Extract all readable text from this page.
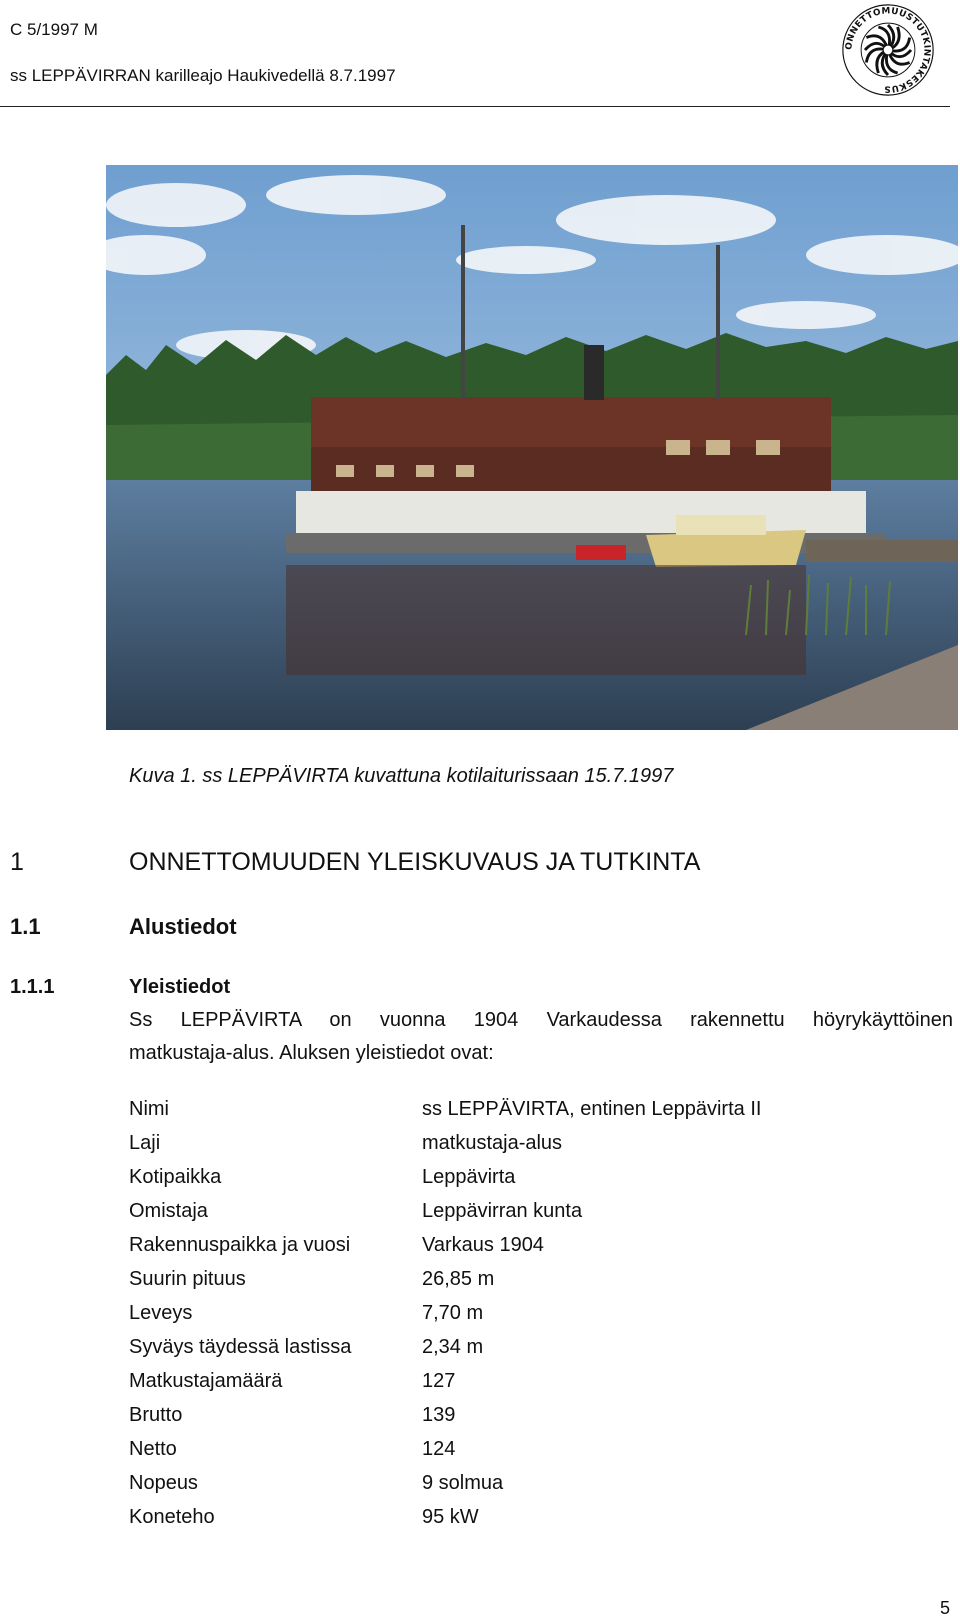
C 5/1997 M
ss LEPPÄVIRRAN karilleajo Haukivedellä 8.7.1997
ONNETTOMUUSTUTKINTAKESKUS
Kuva 1. ss LEPPÄVIRTA kuvattuna kotilaiturissaan 15.7.1997
1	ONNETTOMUUDEN YLEISKUVAUS JA TUTKINTA
1.1	Alustiedot
1.1.1	Yleistiedot
Ss LEPPÄVIRTA on vuonna 1904 Varkaudessa rakennettu höyrykäyttöinen
matkustaja-alus. Aluksen yleistiedot ovat:
Nimi	ss LEPPÄVIRTA, entinen Leppävirta II
Laji	matkustaja-alus
Kotipaikka	Leppävirta
Omistaja	Leppävirran kunta
Rakennuspaikka ja vuosi	Varkaus 1904
Suurin pituus	26,85 m
Leveys	7,70 m
Syväys täydessä lastissa	2,34 m
Matkustajamäärä	127
Brutto	139
Netto	124
Nopeus	9 solmua
Koneteho	95 kW
5
